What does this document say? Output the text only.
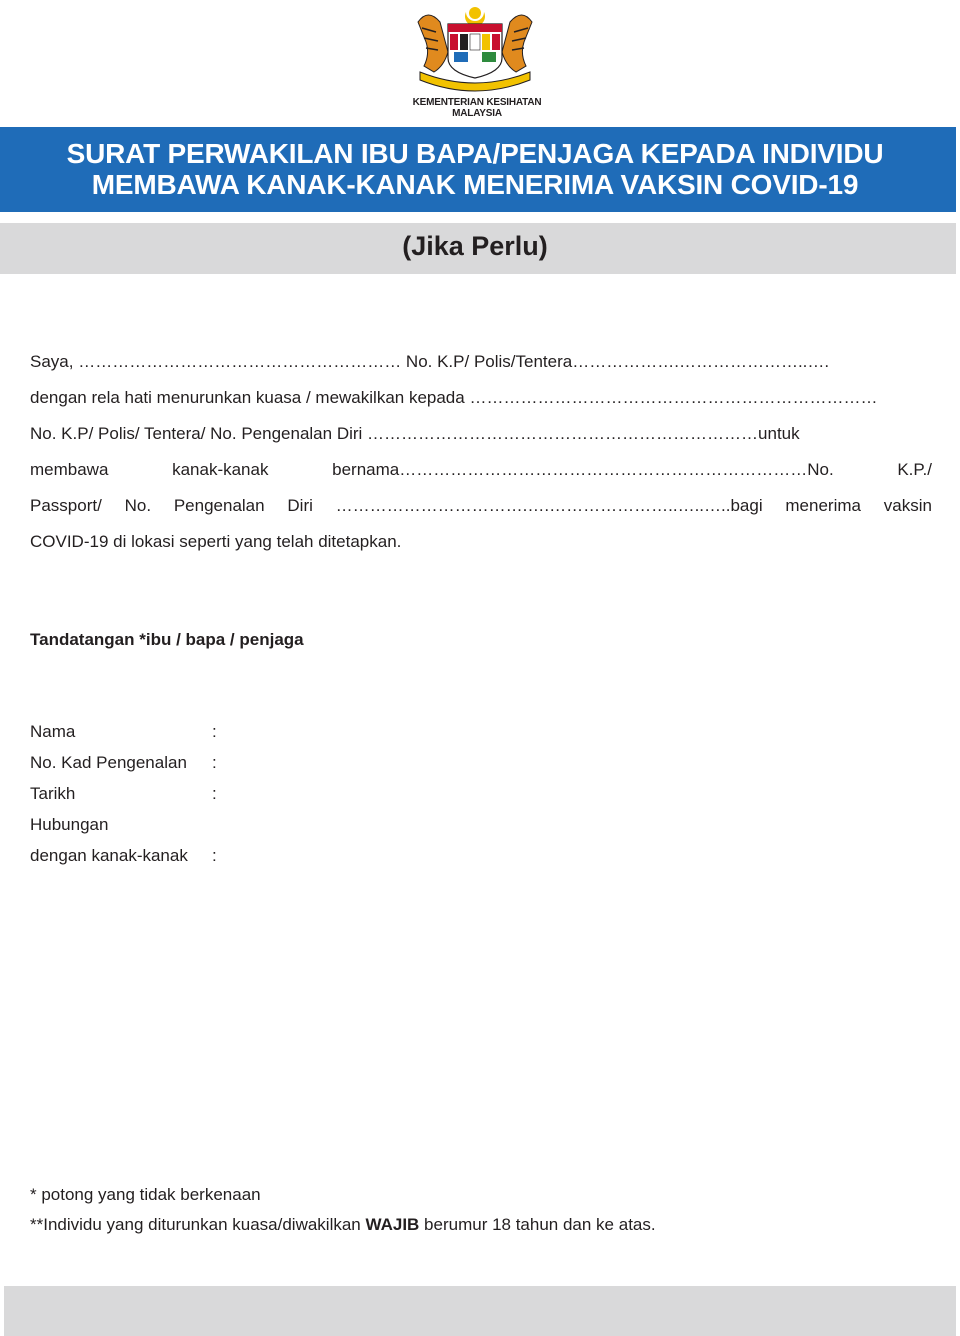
KEMENTERIAN KESIHATAN MALAYSIA
SURAT PERWAKILAN IBU BAPA/PENJAGA KEPADA INDIVIDU
MEMBAWA KANAK-KANAK MENERIMA VAKSIN COVID-19
(Jika Perlu)
Saya, ………………………………………………… No. K.P/ Polis/Tentera……………….…………………..….
dengan rela hati menurunkan kuasa / mewakilkan kepada ………………………………………………………………
No. K.P/ Polis/ Tentera/ No. Pengenalan Diri ……………………………………………………………untuk
membawa	kanak-kanak	bernama………………………………………………………………No.	K.P./
Passport/ No. Pengenalan Diri …………………………….….…………………..…..…..bagi menerima vaksin
COVID-19 di lokasi seperti yang telah ditetapkan.
Tandatangan *ibu / bapa / penjaga
Nama	:
No. Kad Pengenalan :
Tarikh	:
Hubungan
dengan kanak-kanak :
* potong yang tidak berkenaan
**Individu yang diturunkan kuasa/diwakilkan WAJIB berumur 18 tahun dan ke atas.
